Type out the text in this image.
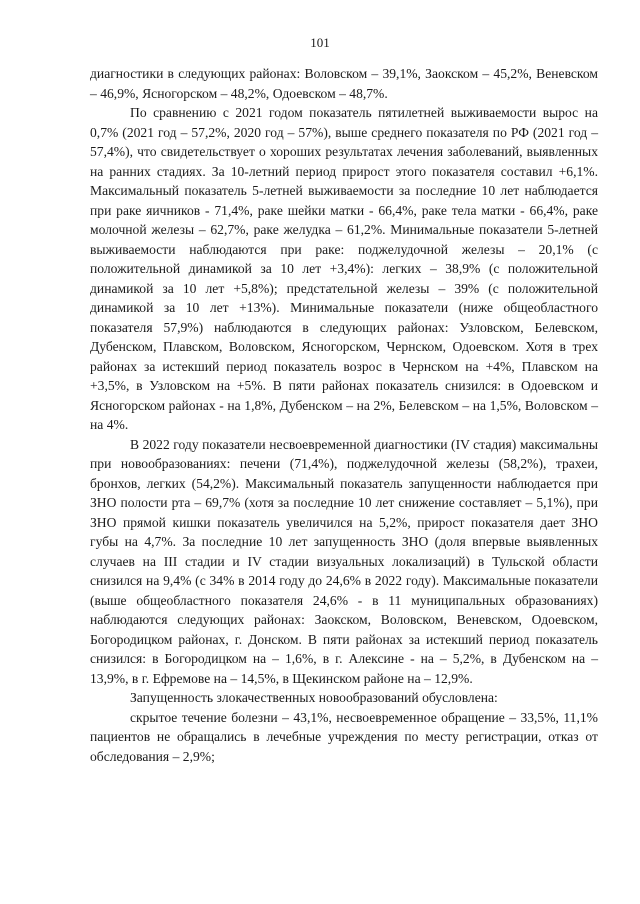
101

диагностики в следующих районах: Воловском – 39,1%, Заокском – 45,2%, Веневском – 46,9%, Ясногорском – 48,2%, Одоевском – 48,7%.

По сравнению с 2021 годом показатель пятилетней выживаемости вырос на 0,7% (2021 год – 57,2%, 2020 год – 57%), выше среднего показателя по РФ (2021 год – 57,4%), что свидетельствует о хороших результатах лечения заболеваний, выявленных на ранних стадиях. За 10-летний период прирост этого показателя составил +6,1%. Максимальный показатель 5-летней выживаемости за последние 10 лет наблюдается при раке яичников - 71,4%, раке шейки матки - 66,4%, раке тела матки - 66,4%, раке молочной железы – 62,7%, раке желудка – 61,2%. Минимальные показатели 5-летней выживаемости наблюдаются при раке: поджелудочной железы – 20,1% (с положительной динамикой за 10 лет +3,4%): легких – 38,9% (с положительной динамикой за 10 лет +5,8%); предстательной железы – 39% (с положительной динамикой за 10 лет +13%). Минимальные показатели (ниже общеобластного показателя 57,9%) наблюдаются в следующих районах: Узловском, Белевском, Дубенском, Плавском, Воловском, Ясногорском, Чернском, Одоевском. Хотя в трех районах за истекший период показатель возрос в Чернском на +4%, Плавском на +3,5%, в Узловском на +5%. В пяти районах показатель снизился: в Одоевском и Ясногорском районах - на 1,8%, Дубенском – на 2%, Белевском – на 1,5%, Воловском – на 4%.

В 2022 году показатели несвоевременной диагностики (IV стадия) максимальны при новообразованиях: печени (71,4%), поджелудочной железы (58,2%), трахеи, бронхов, легких (54,2%). Максимальный показатель запущенности наблюдается при ЗНО полости рта – 69,7% (хотя за последние 10 лет снижение составляет – 5,1%), при ЗНО прямой кишки показатель увеличился на 5,2%, прирост показателя дает ЗНО губы на 4,7%. За последние 10 лет запущенность ЗНО (доля впервые выявленных случаев на III стадии и IV стадии визуальных локализаций) в Тульской области снизился на 9,4% (с 34% в 2014 году до 24,6% в 2022 году). Максимальные показатели (выше общеобластного показателя 24,6% - в 11 муниципальных образованиях) наблюдаются следующих районах: Заокском, Воловском, Веневском, Одоевском, Богородицком районах, г. Донском. В пяти районах за истекший период показатель снизился: в Богородицком на – 1,6%, в г. Алексине - на – 5,2%, в Дубенском на – 13,9%, в г. Ефремове на – 14,5%, в Щекинском районе на – 12,9%.

Запущенность злокачественных новообразований обусловлена:

скрытое течение болезни – 43,1%, несвоевременное обращение – 33,5%, 11,1% пациентов не обращались в лечебные учреждения по месту регистрации, отказ от обследования – 2,9%;
